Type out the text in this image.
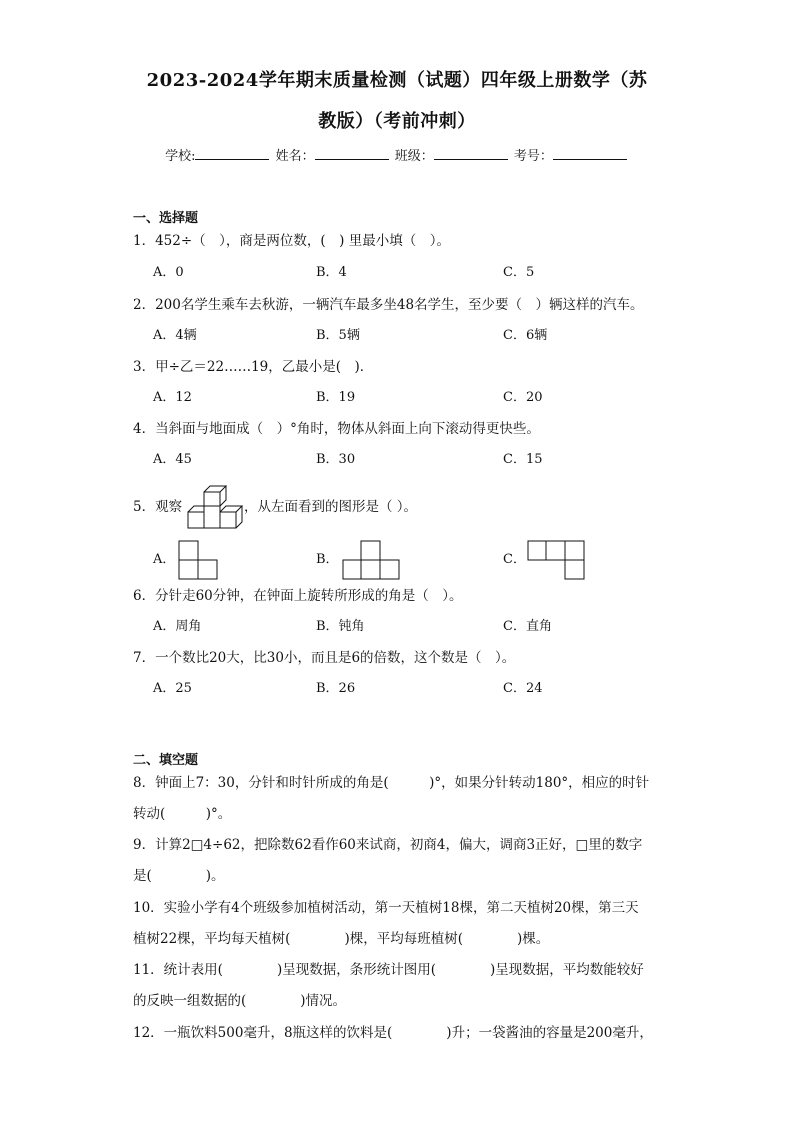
2023-2024学年期末质量检测（试题）四年级上册数学（苏
教版）（考前冲刺）
学校:	姓名：	班级：	考号：
一、选择题
1．452÷（　），商是两位数，(　) 里最小填（　）。
A．0	B．4	C．5
2．200名学生乘车去秋游，一辆汽车最多坐48名学生，至少要（　）辆这样的汽车。
A．4辆	B．5辆	C．6辆
3．甲÷乙＝22……19，乙最小是(　)．
A．12	B．19	C．20
4．当斜面与地面成（　）°角时，物体从斜面上向下滚动得更快些。
A．45	B．30	C．15
5．观察	，从左面看到的图形是（ ）。
A．	B．	C．
6．分针走60分钟，在钟面上旋转所形成的角是（　）。
A．周角	B．钝角	C．直角
7．一个数比20大，比30小，而且是6的倍数，这个数是（　）。
A．25	B．26	C．24
二、填空题
8．钟面上7：30，分针和时针所成的角是(　　　)°，如果分针转动180°，相应的时针
转动(　　　)°。
9．计算2□4÷62，把除数62看作60来试商，初商4，偏大，调商3正好，□里的数字
是(　　　　)。
10．实验小学有4个班级参加植树活动，第一天植树18棵，第二天植树20棵，第三天
植树22棵，平均每天植树(　　　　)棵，平均每班植树(　　　　)棵。
11．统计表用(　　　　)呈现数据，条形统计图用(　　　　)呈现数据，平均数能较好
的反映一组数据的(　　　　)情况。
12．一瓶饮料500毫升，8瓶这样的饮料是(　　　　)升；一袋酱油的容量是200毫升，
